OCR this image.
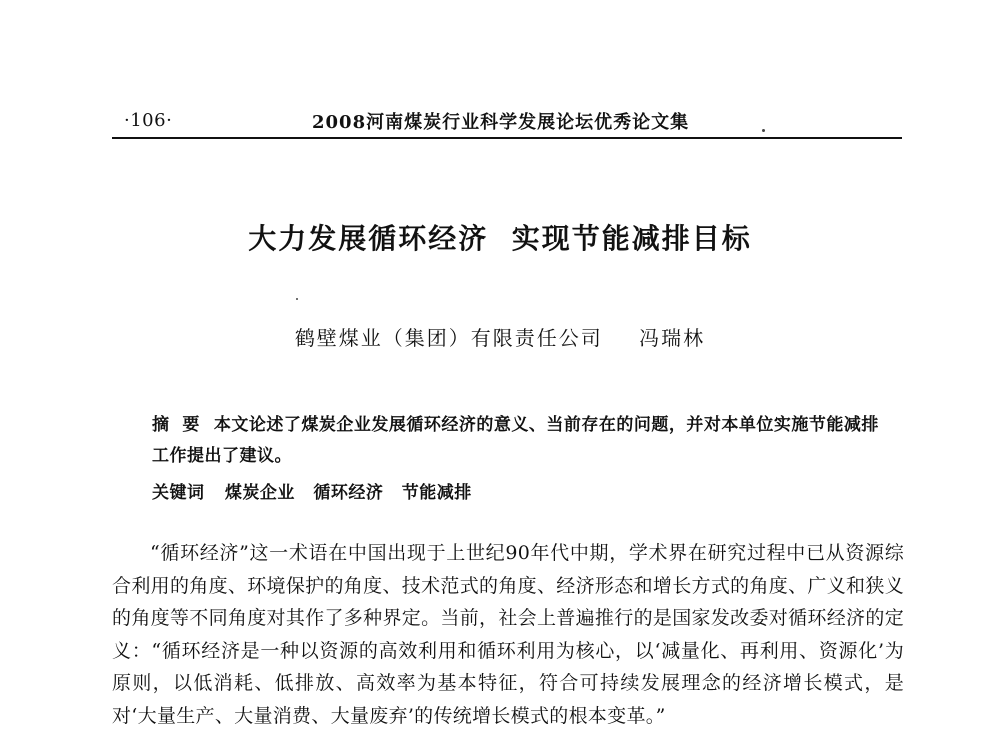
·106·	2008河南煤炭行业科学发展论坛优秀论文集
大力发展循环经济  实现节能减排目标
鹤壁煤业（集团）有限责任公司 冯瑞林
摘  要 本文论述了煤炭企业发展循环经济的意义、当前存在的问题，并对本单位实施节能减排工作提出了建议。
关键词 煤炭企业 循环经济 节能减排

“循环经济”这一术语在中国出现于上世纪90年代中期，学术界在研究过程中已从资源综合利用的角度、环境保护的角度、技术范式的角度、经济形态和增长方式的角度、广义和狭义的角度等不同角度对其作了多种界定。当前，社会上普遍推行的是国家发改委对循环经济的定义：“循环经济是一种以资源的高效利用和循环利用为核心，以‘减量化、再利用、资源化’为原则，以低消耗、低排放、高效率为基本特征，符合可持续发展理念的经济增长模式，是对‘大量生产、大量消费、大量废弃’的传统增长模式的根本变革。”
